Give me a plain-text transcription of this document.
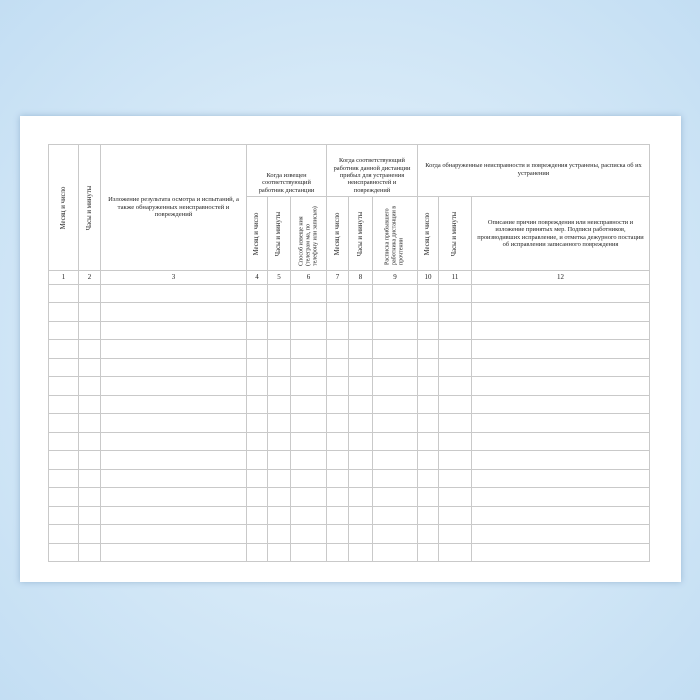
Месяц и число	Часы и минуты	Изложение результата осмотра и испытаний, а также обнаруженных неисправностей и повреждений	Когда извещен соответствующий работник дистанции			Когда соответствующий работник данной дистанции прибыл для устранения неисправностей и повреждений			Когда обнаруженные неисправности и повреждения устранены, расписка об их устранении		

			Месяц и число	Часы и минуты	Способ извеще ния (телеграм ма, по телефону или записью)	Месяц и число	Часы и минуты	Расписка прибывшего работника дистанции в прочтении	Месяц и число	Часы и минуты	Описание причин повреждения или неисправности и изложение принятых мер. Подписи работников, производивших исправление, и отметка дежурного постации об исправлении записанного повреждения
1	2	3	4	5	6	7	8	9	10	11	12
